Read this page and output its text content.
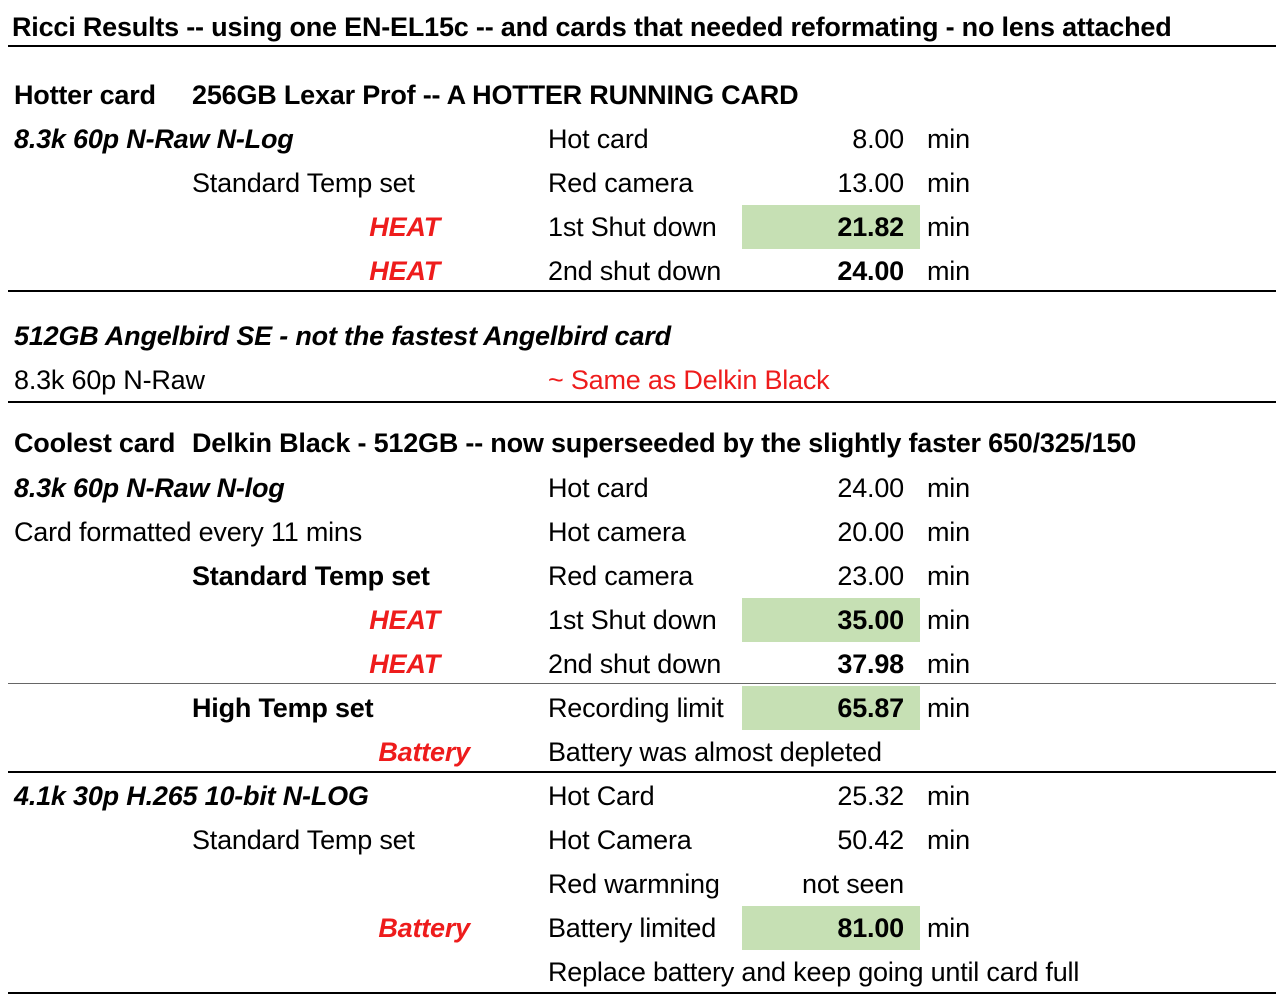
Ricci Results -- using one EN-EL15c -- and cards that needed reformating - no lens attached
Hotter card 256GB Lexar Prof -- A HOTTER RUNNING CARD
8.3k 60p N-Raw N-Log	Hot card	8.00 min
Standard Temp set	Red camera	13.00 min
HEAT	1st Shut down	21.82 min
HEAT	2nd shut down	24.00 min
512GB Angelbird SE - not the fastest Angelbird card
8.3k 60p N-Raw	~ Same as Delkin Black
Coolest card Delkin Black - 512GB -- now superseeded by the slightly faster 650/325/150
8.3k 60p N-Raw N-log	Hot card	24.00 min
Card formatted every 11 mins	Hot camera	20.00 min
Standard Temp set	Red camera	23.00 min
HEAT	1st Shut down	35.00 min
HEAT	2nd shut down	37.98 min
High Temp set	Recording limit	65.87 min
Battery	Battery was almost depleted
4.1k 30p H.265 10-bit N-LOG	Hot Card	25.32 min
Standard Temp set	Hot Camera	50.42 min
Red warmning	not seen
Battery	Battery limited	81.00 min
Replace battery and keep going until card full
